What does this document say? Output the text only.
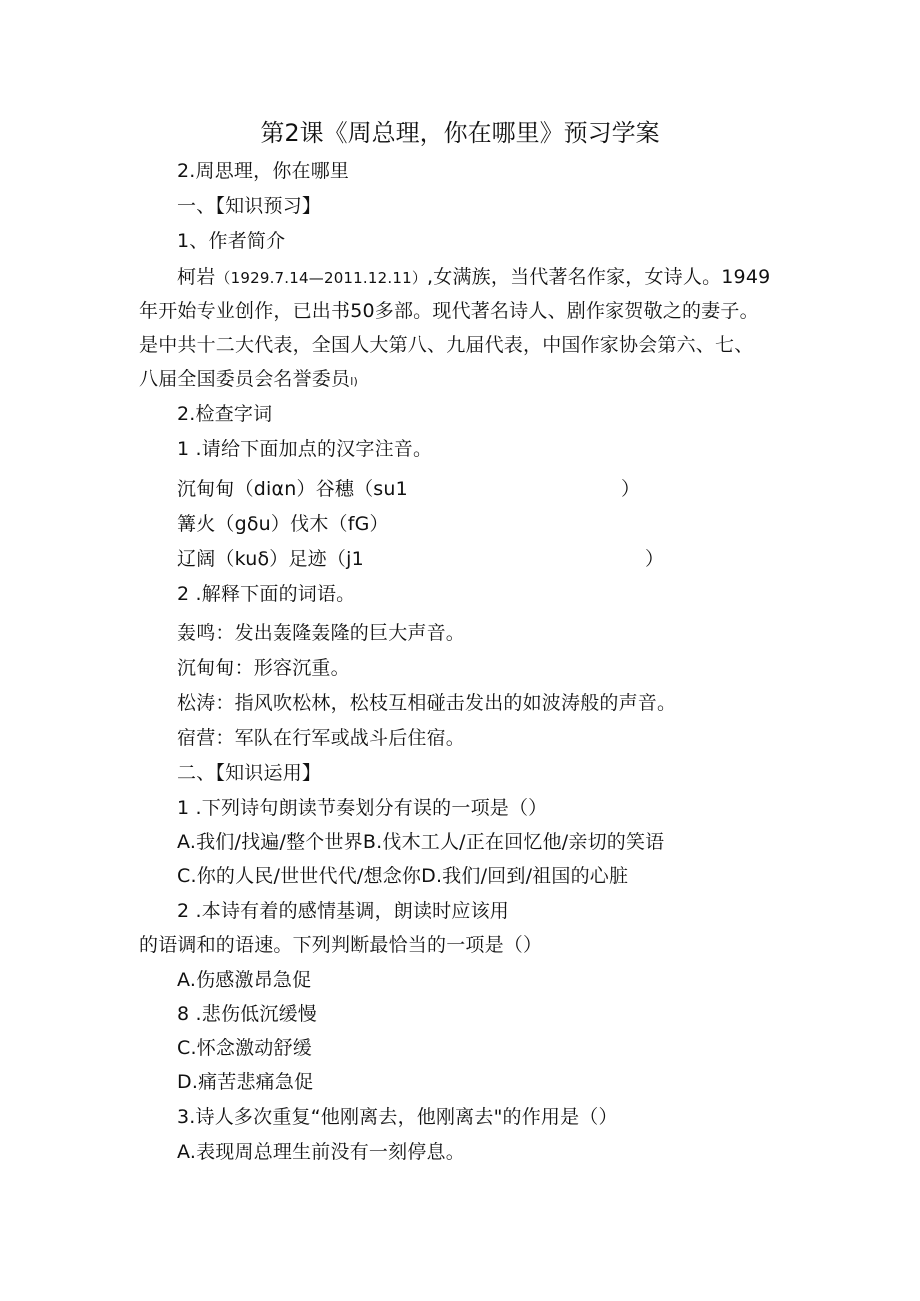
第2课《周总理，你在哪里》预习学案
2.周思理，你在哪里
一、【知识预习】
1、作者简介
柯岩（1929.7.14—2011.12.11）,女满族，当代著名作家，女诗人。1949
年开始专业创作，已出书50多部。现代著名诗人、剧作家贺敬之的妻子。
是中共十二大代表，全国人大第八、九届代表，中国作家协会第六、七、
八届全国委员会名誉委员l)
2.检查字词
1 .请给下面加点的汉字注音。
沉甸甸（diαn）谷穗（su1	）
篝火（gδu）伐木（fG）
辽阔（kuδ）足迹（j1	）
2 .解释下面的词语。
轰鸣：发出轰隆轰隆的巨大声音。
沉甸甸：形容沉重。
松涛：指风吹松林，松枝互相碰击发出的如波涛般的声音。
宿营：军队在行军或战斗后住宿。
二、【知识运用】
1 .下列诗句朗读节奏划分有误的一项是（）
A.我们/找遍/整个世界B.伐木工人/正在回忆他/亲切的笑语
C.你的人民/世世代代/想念你D.我们/回到/祖国的心脏
2 .本诗有着的感情基调，朗读时应该用
的语调和的语速。下列判断最恰当的一项是（）
A.伤感激昂急促
8 .悲伤低沉缓慢
C.怀念激动舒缓
D.痛苦悲痛急促
3.诗人多次重复“他刚离去，他刚离去"的作用是（）
A.表现周总理生前没有一刻停息。
